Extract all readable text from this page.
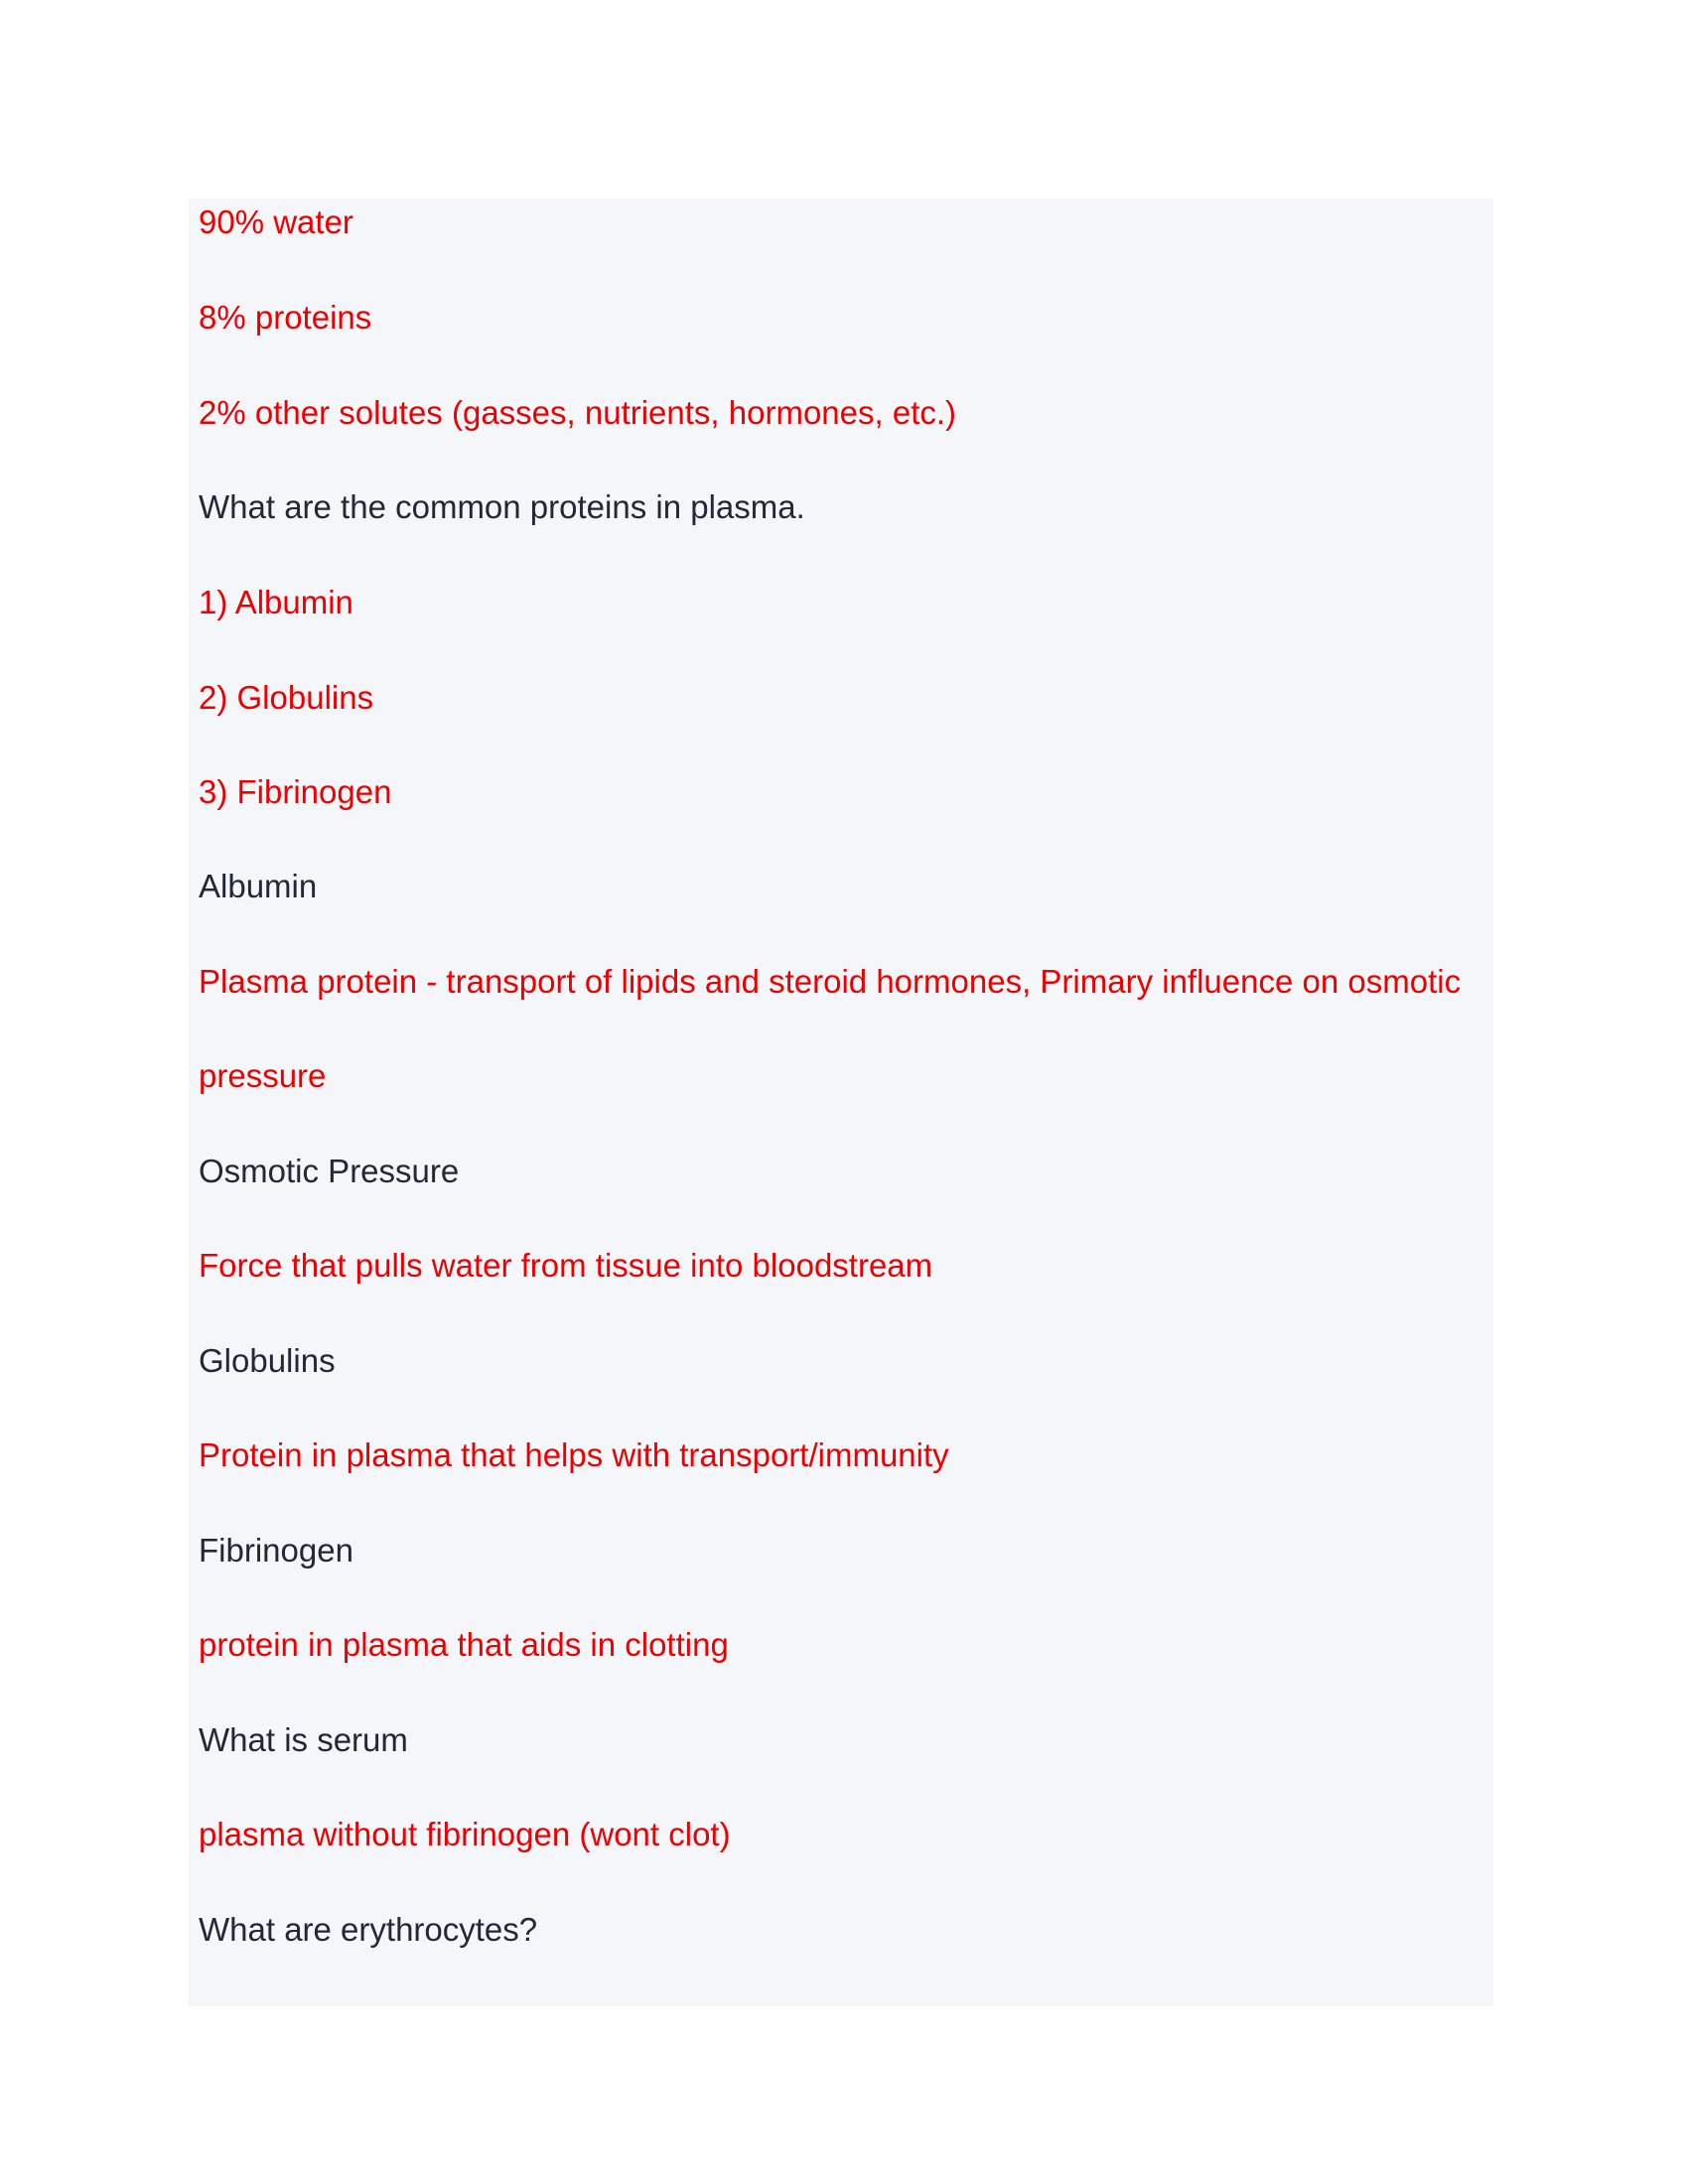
90% water
8% proteins
2% other solutes (gasses, nutrients, hormones, etc.)
What are the common proteins in plasma.
1) Albumin
2) Globulins
3) Fibrinogen
Albumin
Plasma protein - transport of lipids and steroid hormones, Primary influence on osmotic
pressure
Osmotic Pressure
Force that pulls water from tissue into bloodstream
Globulins
Protein in plasma that helps with transport/immunity
Fibrinogen
protein in plasma that aids in clotting
What is serum
plasma without fibrinogen (wont clot)
What are erythrocytes?
